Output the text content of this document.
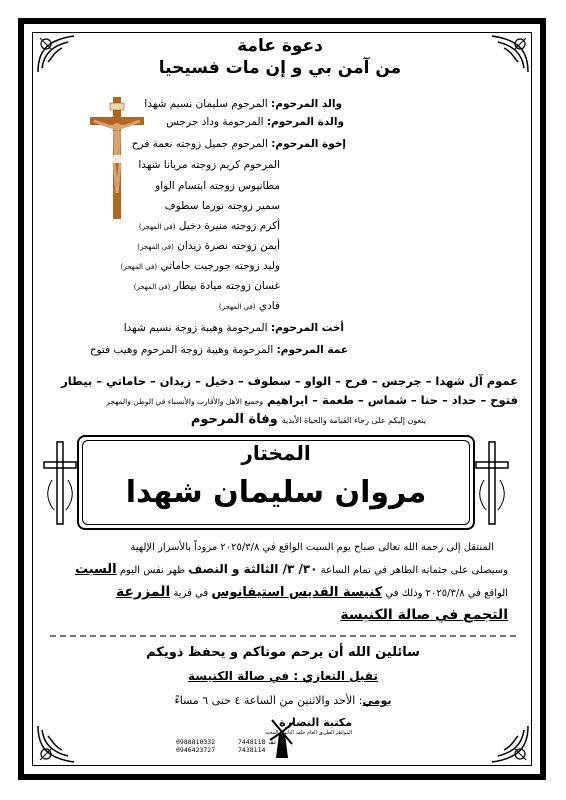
دعوة عامة
من آمن بي و إن مات فسيحيا
والد المرحوم: المرحوم سليمان نسيم شهدا
والدة المرحوم: المرحومة وداد جرجس
إخوة المرحوم: المرحوم جميل زوجته نعمة فرح
المرحوم كريم زوجته مريانا شهدا
مطانيوس زوجته ابتسام الواو
سمير زوجته نورما سطوف
أكرم زوجته منيرة دخيل (في المهجر)
أيمن زوجته نصرة زيدان (في المهجر)
وليد زوجته جورجيت حاماتي (في المهجر)
غسان زوجته ميادة بيطار (في المهجر)
فادي (في المهجر)
أخت المرحوم: المرحومة وهيبة زوجة نسيم شهدا
عمة المرحوم: المرحومة وهيبة زوجة المرحوم وهيب فتوح
عموم آل شهدا – جرجس – فرح – الواو – سطوف – دخيل – زيدان – حاماتي – بيطار
فتوح – حداد – حنا – شماس – طعمة – ابراهيم وجميع الأهل والأقارب والأنسباء في الوطن والمهجر
ينعون إليكم على رجاء القيامة والحياة الأبدية وفاة المرحوم
المختار
مروان سليمان شهدا
المنتقل إلى رحمة الله تعالى صباح يوم السبت الواقع في ٢٠٢٥/٣/٨ مزوداً بالأسرار الإلهية
وسيصلى على جثمانه الطاهر في تمام الساعة ٣٠/ ٣/ الثالثة و النصف ظهر نفس اليوم السبت
الواقع في ٢٠٢٥/٣/٨ وذلك في كنيسة القديس استيفانوس في قرية المزرعة
التجمع في صالة الكنيسة
سائلين الله أن يرحم موتاكم و يحفظ ذويكم
تقبل التعازي : في صالة الكنيسة
يومي: الأحد والاثنين من الساعة ٤ حتى ٦ مساءً
مكتبة النضارة
المواطر الطريق العام خلف الثانوية المحية
0988810332
0946423727
هاتف 7448118
7438114
